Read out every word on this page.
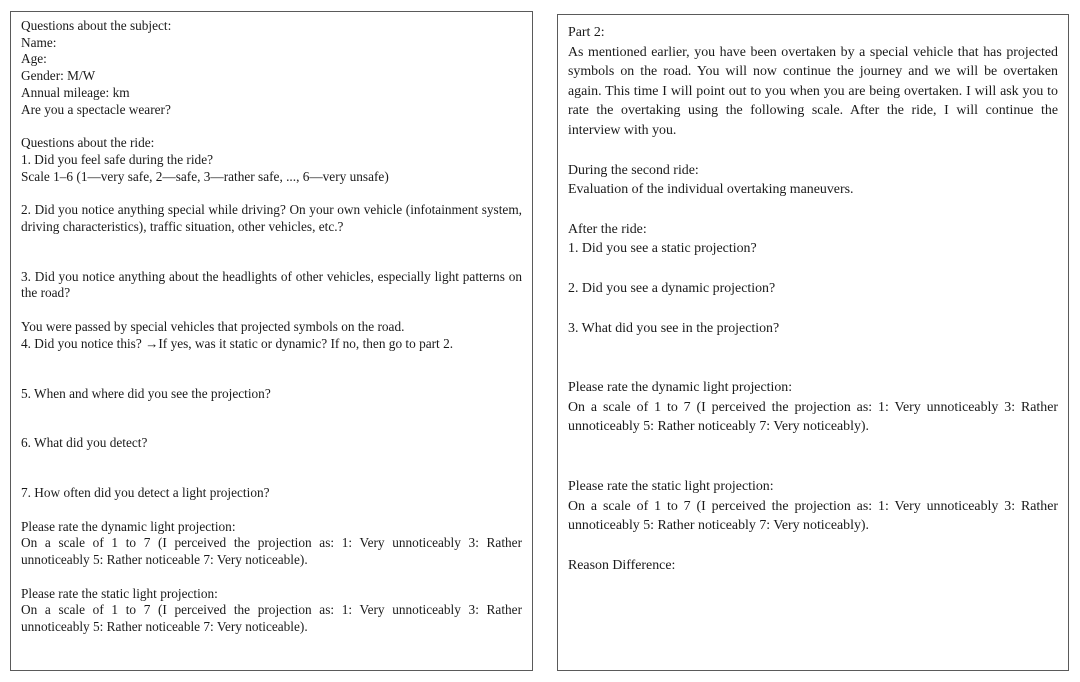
Questions about the subject:

Name:

Age:

Gender: M/W

Annual mileage: km

Are you a spectacle wearer?

Questions about the ride:

1. Did you feel safe during the ride?

Scale 1–6 (1—very safe, 2—safe, 3—rather safe, ..., 6—very unsafe)

2. Did you notice anything special while driving? On your own vehicle (infotainment system, driving characteristics), traffic situation, other vehicles, etc.?

3. Did you notice anything about the headlights of other vehicles, especially light patterns on the road?

You were passed by special vehicles that projected symbols on the road.

4. Did you notice this? →If yes, was it static or dynamic? If no, then go to part 2.

5. When and where did you see the projection?

6. What did you detect?

7. How often did you detect a light projection?

Please rate the dynamic light projection:

On a scale of 1 to 7 (I perceived the projection as: 1: Very unnoticeably 3: Rather unnoticeably 5: Rather noticeable 7: Very noticeable).

Please rate the static light projection:

On a scale of 1 to 7 (I perceived the projection as: 1: Very unnoticeably 3: Rather unnoticeably 5: Rather noticeable 7: Very noticeable).

Part 2:

As mentioned earlier, you have been overtaken by a special vehicle that has projected symbols on the road. You will now continue the journey and we will be overtaken again. This time I will point out to you when you are being overtaken. I will ask you to rate the overtaking using the following scale. After the ride, I will continue the interview with you.

During the second ride:

Evaluation of the individual overtaking maneuvers.

After the ride:

1. Did you see a static projection?

2. Did you see a dynamic projection?

3. What did you see in the projection?

Please rate the dynamic light projection:

On a scale of 1 to 7 (I perceived the projection as: 1: Very unnoticeably 3: Rather unnoticeably 5: Rather noticeably 7: Very noticeably).

Please rate the static light projection:

On a scale of 1 to 7 (I perceived the projection as: 1: Very unnoticeably 3: Rather unnoticeably 5: Rather noticeably 7: Very noticeably).

Reason Difference:
